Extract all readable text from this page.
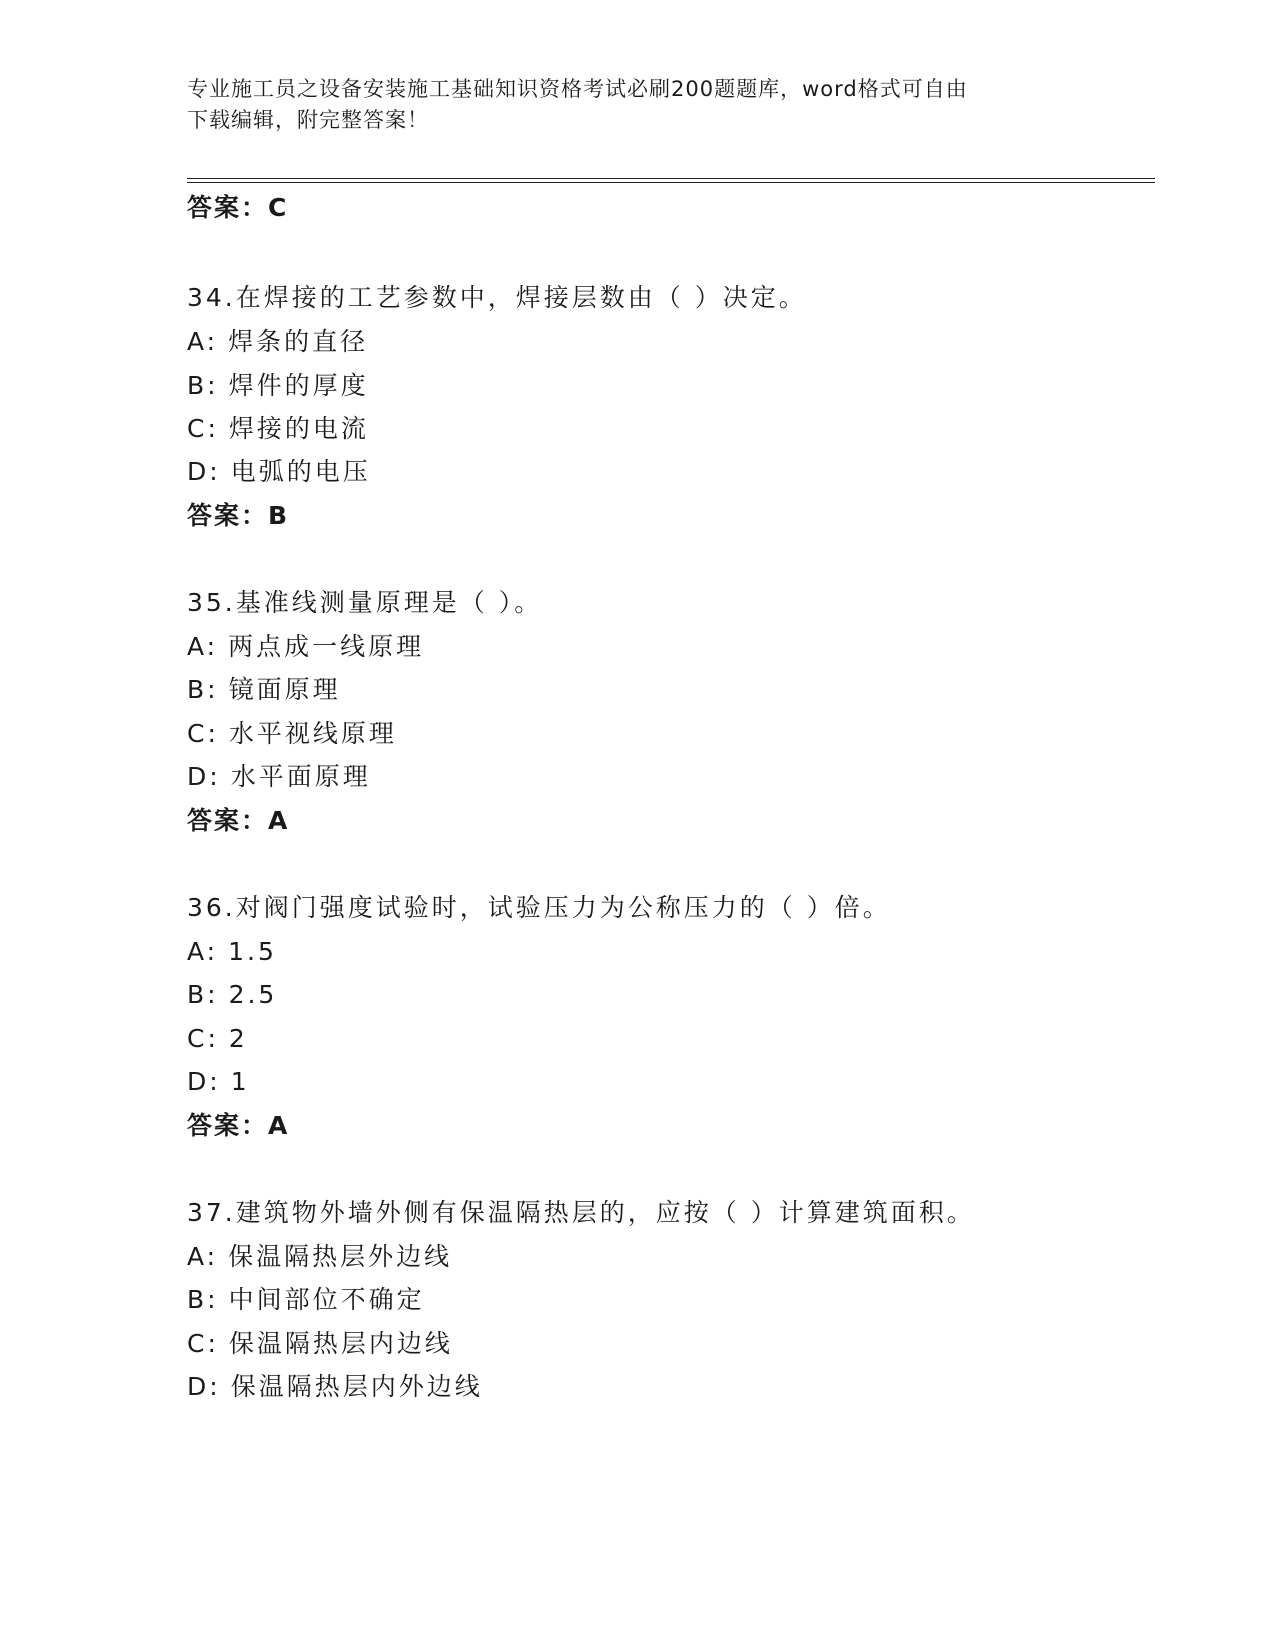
专业施工员之设备安装施工基础知识资格考试必刷200题题库，word格式可自由
下载编辑，附完整答案！
答案：C
34.在焊接的工艺参数中，焊接层数由（ ）决定。
A: 焊条的直径
B: 焊件的厚度
C: 焊接的电流
D: 电弧的电压
答案：B
35.基准线测量原理是（ ）。
A: 两点成一线原理
B: 镜面原理
C: 水平视线原理
D: 水平面原理
答案：A
36.对阀门强度试验时，试验压力为公称压力的（ ）倍。
A: 1.5
B: 2.5
C: 2
D: 1
答案：A
37.建筑物外墙外侧有保温隔热层的，应按（ ）计算建筑面积。
A: 保温隔热层外边线
B: 中间部位不确定
C: 保温隔热层内边线
D: 保温隔热层内外边线
